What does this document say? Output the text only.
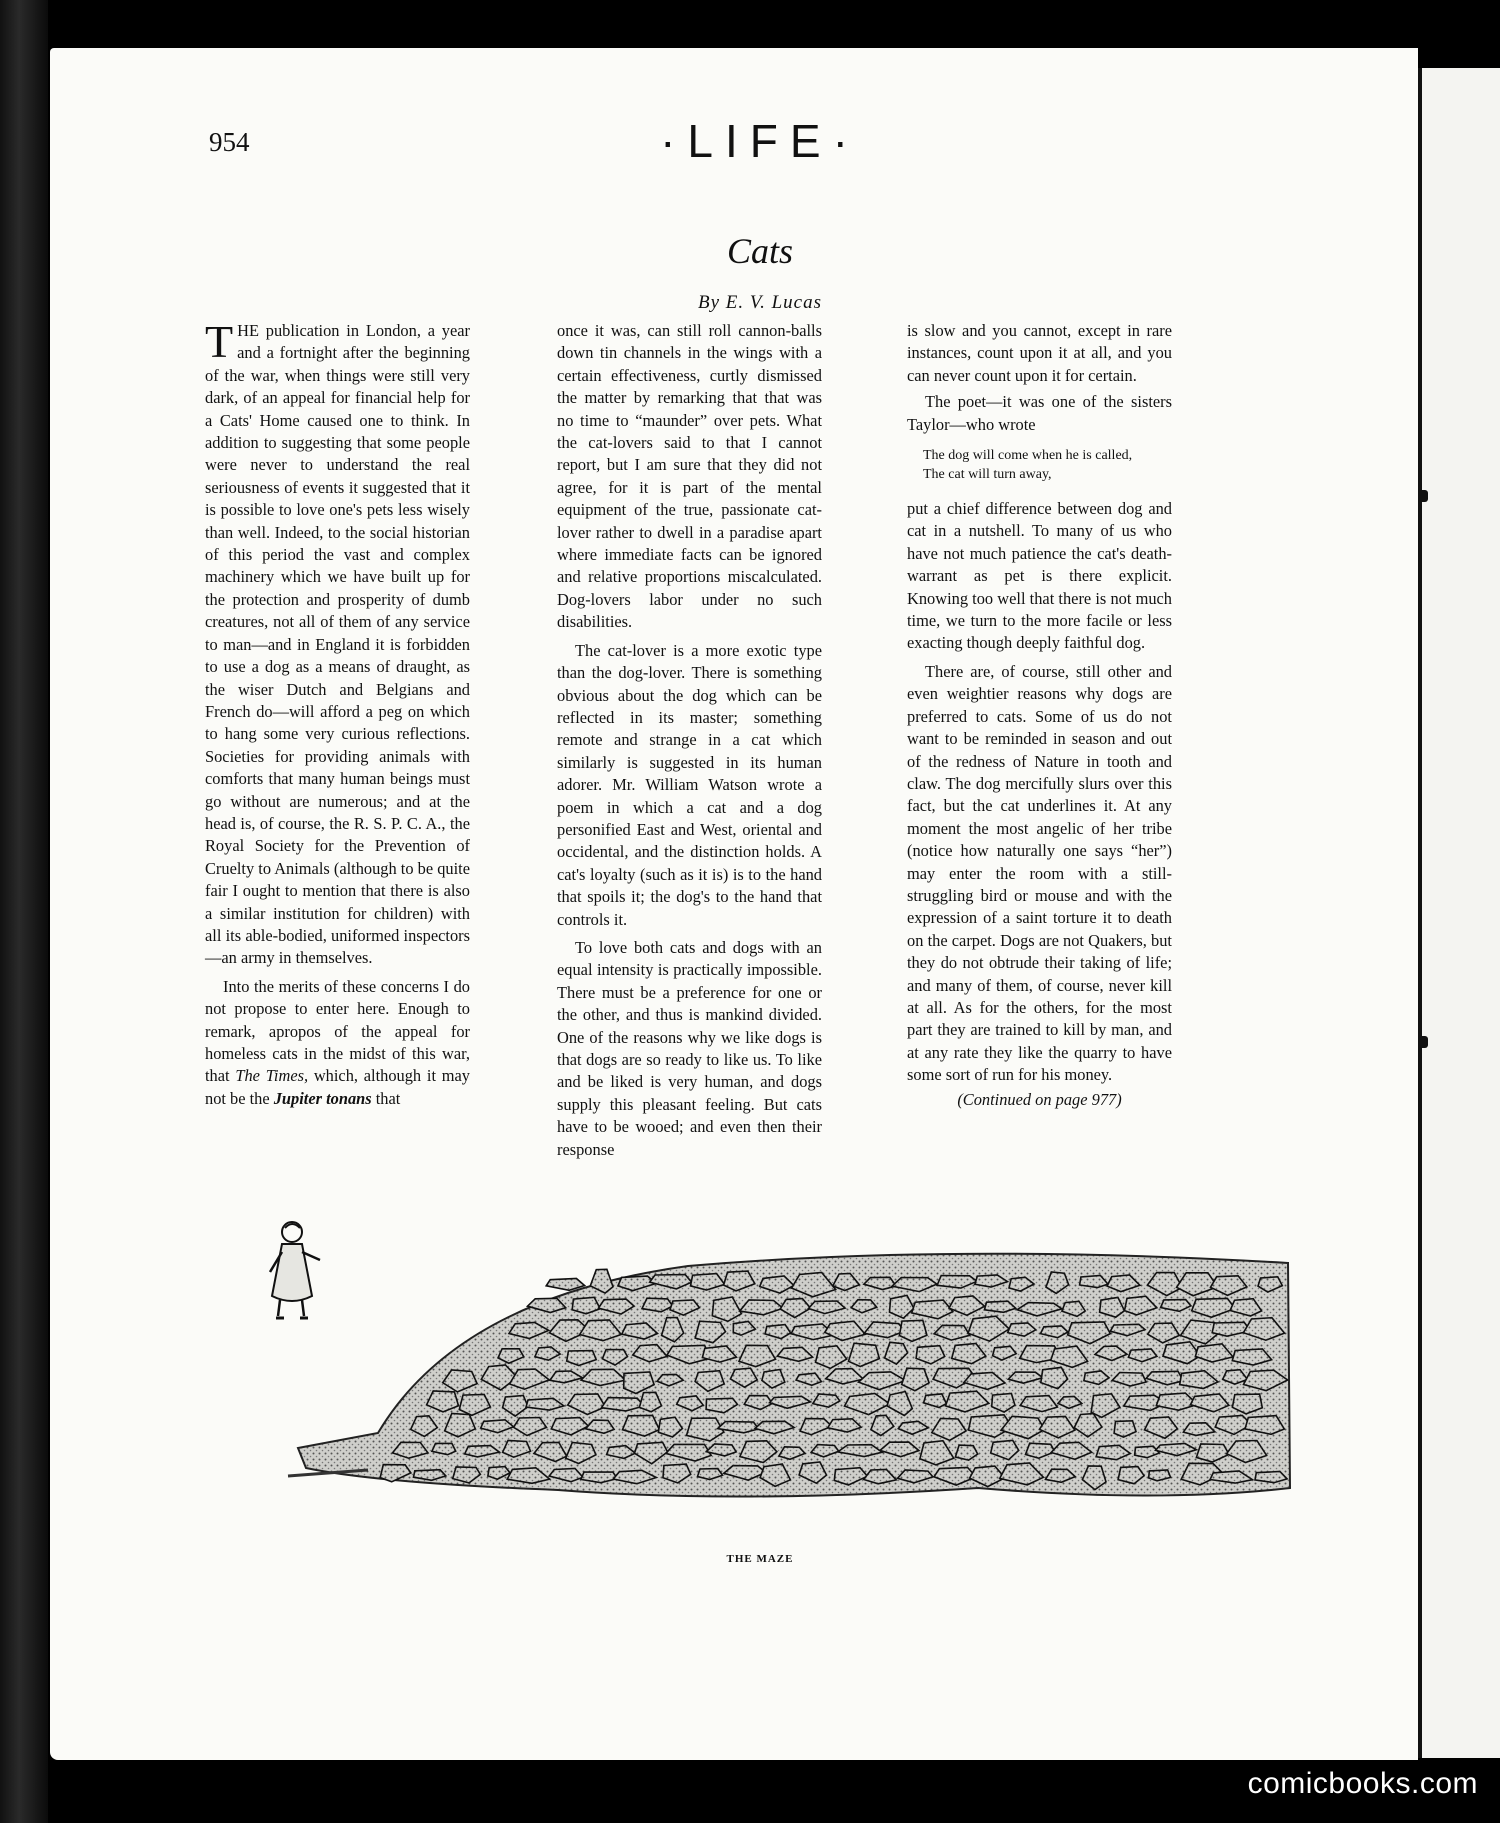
954	·LIFE·
Cats
By E. V. Lucas

THE publication in London, a year and a fortnight after the beginning of the war, when things were still very dark, of an appeal for financial help for a Cats' Home caused one to think. In addition to suggesting that some people were never to understand the real seriousness of events it suggested that it is possible to love one's pets less wisely than well. Indeed, to the social historian of this period the vast and complex machinery which we have built up for the protection and prosperity of dumb creatures, not all of them of any service to man—and in England it is forbidden to use a dog as a means of draught, as the wiser Dutch and Belgians and French do—will afford a peg on which to hang some very curious reflections. Societies for providing animals with comforts that many human beings must go without are numerous; and at the head is, of course, the R. S. P. C. A., the Royal Society for the Prevention of Cruelty to Animals (although to be quite fair I ought to mention that there is also a similar institution for children) with all its able-bodied, uniformed inspectors—an army in themselves.

Into the merits of these concerns I do not propose to enter here. Enough to remark, apropos of the appeal for homeless cats in the midst of this war, that The Times, which, although it may not be the Jupiter tonans that

once it was, can still roll cannon-balls down tin channels in the wings with a certain effectiveness, curtly dismissed the matter by remarking that that was no time to “maunder” over pets. What the cat-lovers said to that I cannot report, but I am sure that they did not agree, for it is part of the mental equipment of the true, passionate cat-lover rather to dwell in a paradise apart where immediate facts can be ignored and relative proportions miscalculated. Dog-lovers labor under no such disabilities.

The cat-lover is a more exotic type than the dog-lover. There is something obvious about the dog which can be reflected in its master; something remote and strange in a cat which similarly is suggested in its human adorer. Mr. William Watson wrote a poem in which a cat and a dog personified East and West, oriental and occidental, and the distinction holds. A cat's loyalty (such as it is) is to the hand that spoils it; the dog's to the hand that controls it.

To love both cats and dogs with an equal intensity is practically impossible. There must be a preference for one or the other, and thus is mankind divided. One of the reasons why we like dogs is that dogs are so ready to like us. To like and be liked is very human, and dogs supply this pleasant feeling. But cats have to be wooed; and even then their response

is slow and you cannot, except in rare instances, count upon it at all, and you can never count upon it for certain.

The poet—it was one of the sisters Taylor—who wrote

The dog will come when he is called,
The cat will turn away,

put a chief difference between dog and cat in a nutshell. To many of us who have not much patience the cat's death-warrant as pet is there explicit. Knowing too well that there is not much time, we turn to the more facile or less exacting though deeply faithful dog.

There are, of course, still other and even weightier reasons why dogs are preferred to cats. Some of us do not want to be reminded in season and out of the redness of Nature in tooth and claw. The dog mercifully slurs over this fact, but the cat underlines it. At any moment the most angelic of her tribe (notice how naturally one says “her”) may enter the room with a still-struggling bird or mouse and with the expression of a saint torture it to death on the carpet. Dogs are not Quakers, but they do not obtrude their taking of life; and many of them, of course, never kill at all. As for the others, for the most part they are trained to kill by man, and at any rate they like the quarry to have some sort of run for his money.

(Continued on page 977)

THE MAZE
comicbooks.com
